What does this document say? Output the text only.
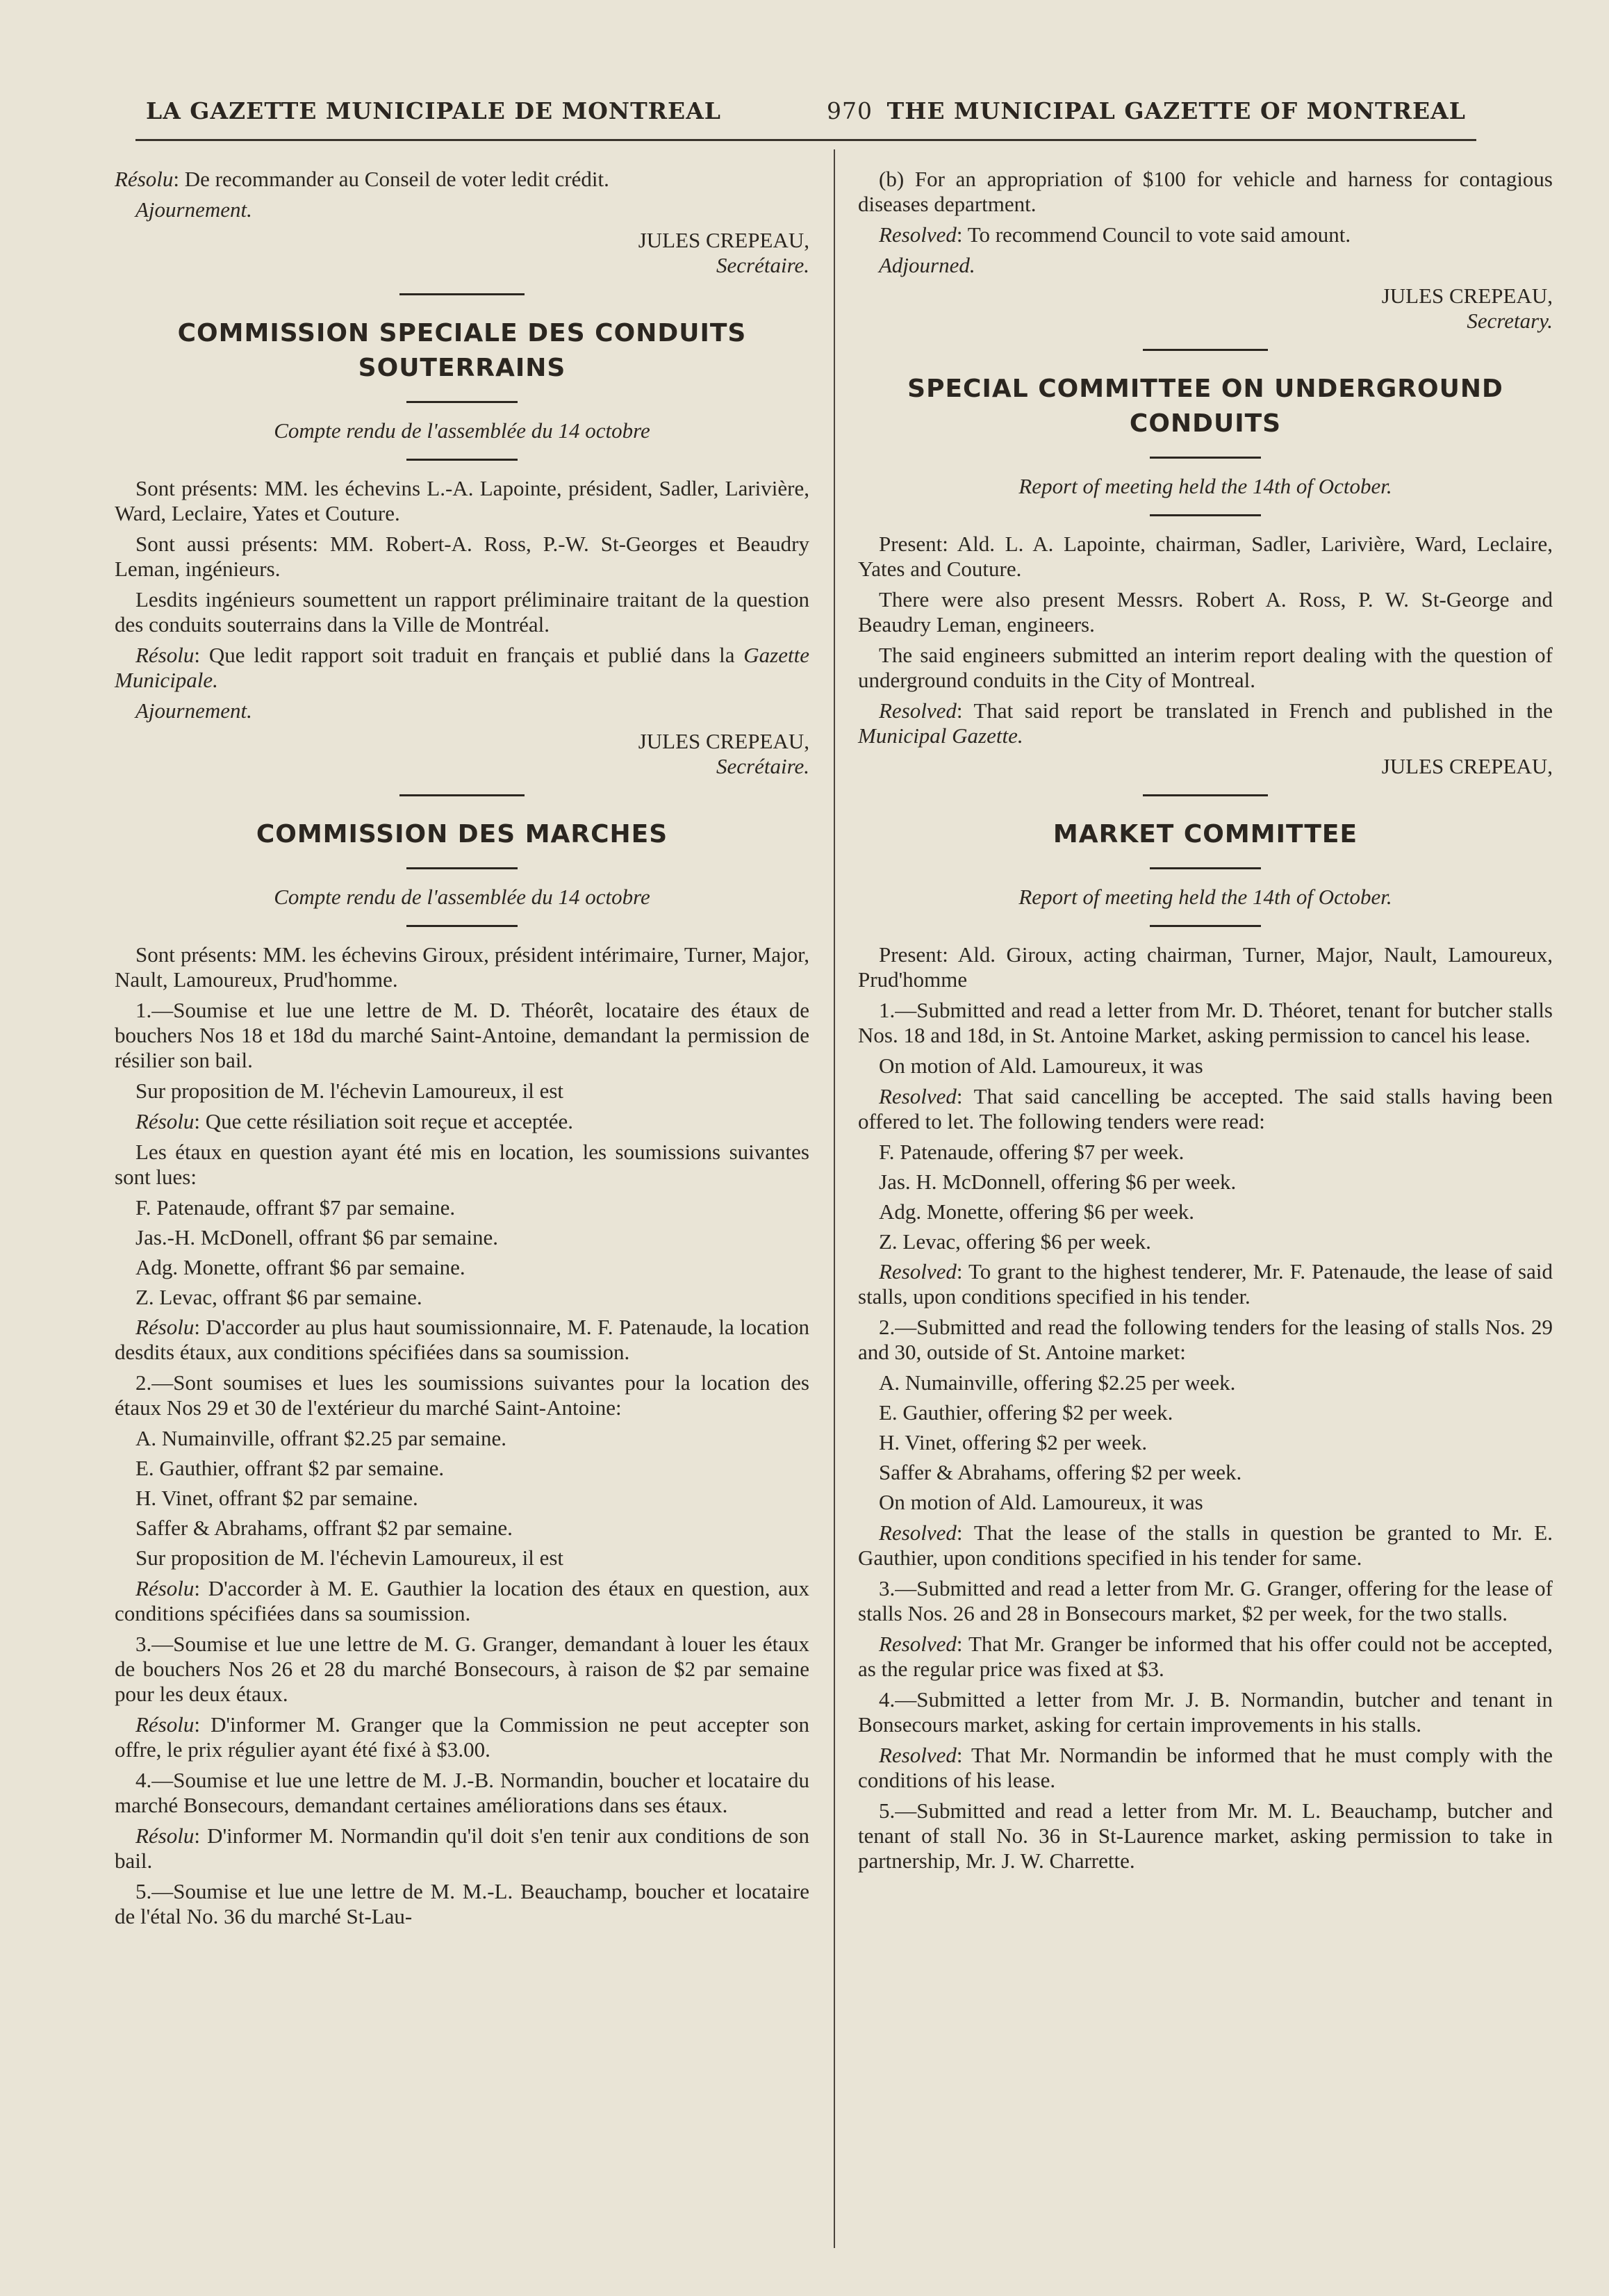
LA GAZETTE MUNICIPALE DE MONTREAL	970 THE MUNICIPAL GAZETTE OF MONTREAL

Résolu: De recommander au Conseil de voter ledit crédit.

Ajournement.

JULES CREPEAU,

Secrétaire.

COMMISSION SPECIALE DES CONDUITS SOUTERRAINS

Compte rendu de l'assemblée du 14 octobre

Sont présents: MM. les échevins L.-A. Lapointe, président, Sadler, Larivière, Ward, Leclaire, Yates et Couture.

Sont aussi présents: MM. Robert-A. Ross, P.-W. St-Georges et Beaudry Leman, ingénieurs.

Lesdits ingénieurs soumettent un rapport préliminaire traitant de la question des conduits souterrains dans la Ville de Montréal.

Résolu: Que ledit rapport soit traduit en français et publié dans la Gazette Municipale.

Ajournement.

JULES CREPEAU,

Secrétaire.

COMMISSION DES MARCHES

Compte rendu de l'assemblée du 14 octobre

Sont présents: MM. les échevins Giroux, président intérimaire, Turner, Major, Nault, Lamoureux, Prud'homme.

1.—Soumise et lue une lettre de M. D. Théorêt, locataire des étaux de bouchers Nos 18 et 18d du marché Saint-Antoine, demandant la permission de résilier son bail.

Sur proposition de M. l'échevin Lamoureux, il est

Résolu: Que cette résiliation soit reçue et acceptée.

Les étaux en question ayant été mis en location, les soumissions suivantes sont lues:

F. Patenaude, offrant $7 par semaine.

Jas.-H. McDonell, offrant $6 par semaine.

Adg. Monette, offrant $6 par semaine.

Z. Levac, offrant $6 par semaine.

Résolu: D'accorder au plus haut soumissionnaire, M. F. Patenaude, la location desdits étaux, aux conditions spécifiées dans sa soumission.

2.—Sont soumises et lues les soumissions suivantes pour la location des étaux Nos 29 et 30 de l'extérieur du marché Saint-Antoine:

A. Numainville, offrant $2.25 par semaine.

E. Gauthier, offrant $2 par semaine.

H. Vinet, offrant $2 par semaine.

Saffer & Abrahams, offrant $2 par semaine.

Sur proposition de M. l'échevin Lamoureux, il est

Résolu: D'accorder à M. E. Gauthier la location des étaux en question, aux conditions spécifiées dans sa soumission.

3.—Soumise et lue une lettre de M. G. Granger, demandant à louer les étaux de bouchers Nos 26 et 28 du marché Bonsecours, à raison de $2 par semaine pour les deux étaux.

Résolu: D'informer M. Granger que la Commission ne peut accepter son offre, le prix régulier ayant été fixé à $3.00.

4.—Soumise et lue une lettre de M. J.-B. Normandin, boucher et locataire du marché Bonsecours, demandant certaines améliorations dans ses étaux.

Résolu: D'informer M. Normandin qu'il doit s'en tenir aux conditions de son bail.

5.—Soumise et lue une lettre de M. M.-L. Beauchamp, boucher et locataire de l'étal No. 36 du marché St-Lau-

(b) For an appropriation of $100 for vehicle and harness for contagious diseases department.

Resolved: To recommend Council to vote said amount.

Adjourned.

JULES CREPEAU,

Secretary.

SPECIAL COMMITTEE ON UNDERGROUND CONDUITS

Report of meeting held the 14th of October.

Present: Ald. L. A. Lapointe, chairman, Sadler, Larivière, Ward, Leclaire, Yates and Couture.

There were also present Messrs. Robert A. Ross, P. W. St-George and Beaudry Leman, engineers.

The said engineers submitted an interim report dealing with the question of underground conduits in the City of Montreal.

Resolved: That said report be translated in French and published in the Municipal Gazette.

JULES CREPEAU,

MARKET COMMITTEE

Report of meeting held the 14th of October.

Present: Ald. Giroux, acting chairman, Turner, Major, Nault, Lamoureux, Prud'homme

1.—Submitted and read a letter from Mr. D. Théoret, tenant for butcher stalls Nos. 18 and 18d, in St. Antoine Market, asking permission to cancel his lease.

On motion of Ald. Lamoureux, it was

Resolved: That said cancelling be accepted. The said stalls having been offered to let. The following tenders were read:

F. Patenaude, offering $7 per week.

Jas. H. McDonnell, offering $6 per week.

Adg. Monette, offering $6 per week.

Z. Levac, offering $6 per week.

Resolved: To grant to the highest tenderer, Mr. F. Patenaude, the lease of said stalls, upon conditions specified in his tender.

2.—Submitted and read the following tenders for the leasing of stalls Nos. 29 and 30, outside of St. Antoine market:

A. Numainville, offering $2.25 per week.

E. Gauthier, offering $2 per week.

H. Vinet, offering $2 per week.

Saffer & Abrahams, offering $2 per week.

On motion of Ald. Lamoureux, it was

Resolved: That the lease of the stalls in question be granted to Mr. E. Gauthier, upon conditions specified in his tender for same.

3.—Submitted and read a letter from Mr. G. Granger, offering for the lease of stalls Nos. 26 and 28 in Bonsecours market, $2 per week, for the two stalls.

Resolved: That Mr. Granger be informed that his offer could not be accepted, as the regular price was fixed at $3.

4.—Submitted a letter from Mr. J. B. Normandin, butcher and tenant in Bonsecours market, asking for certain improvements in his stalls.

Resolved: That Mr. Normandin be informed that he must comply with the conditions of his lease.

5.—Submitted and read a letter from Mr. M. L. Beauchamp, butcher and tenant of stall No. 36 in St-Laurence market, asking permission to take in partnership, Mr. J. W. Charrette.
